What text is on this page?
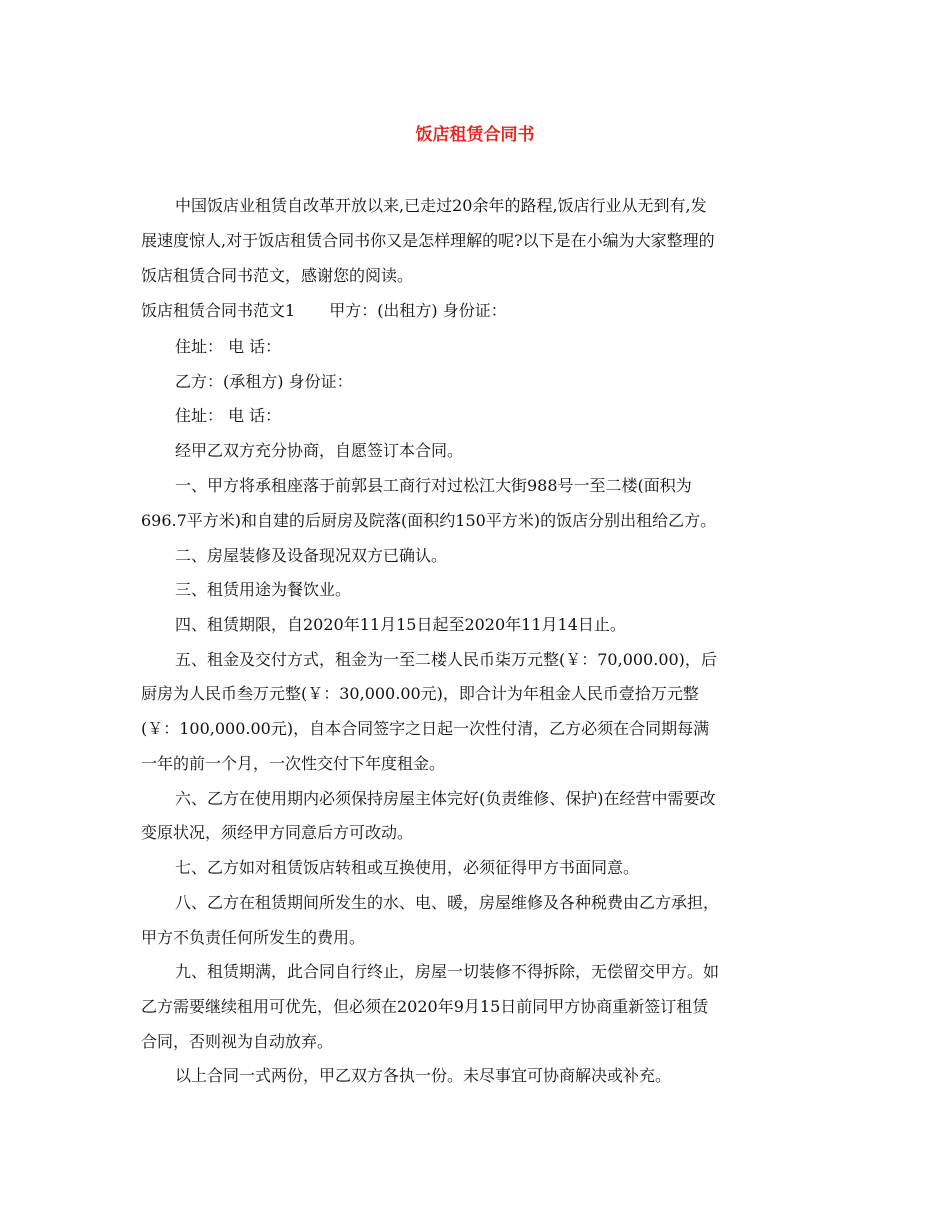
饭店租赁合同书
中国饭店业租赁自改革开放以来,已走过20余年的路程,饭店行业从无到有,发
展速度惊人,对于饭店租赁合同书你又是怎样理解的呢?以下是在小编为大家整理的
饭店租赁合同书范文，感谢您的阅读。
饭店租赁合同书范文1 甲方：(出租方) 身份证：
住址： 电 话：
乙方：(承租方) 身份证：
住址： 电 话：
经甲乙双方充分协商，自愿签订本合同。
一、甲方将承租座落于前郭县工商行对过松江大街988号一至二楼(面积为
696.7平方米)和自建的后厨房及院落(面积约150平方米)的饭店分别出租给乙方。
二、房屋装修及设备现况双方已确认。
三、租赁用途为餐饮业。
四、租赁期限，自2020年11月15日起至2020年11月14日止。
五、租金及交付方式，租金为一至二楼人民币柒万元整(￥：70,000.00)，后
厨房为人民币叁万元整(￥：30,000.00元)，即合计为年租金人民币壹拾万元整
(￥：100,000.00元)，自本合同签字之日起一次性付清，乙方必须在合同期每满
一年的前一个月，一次性交付下年度租金。
六、乙方在使用期内必须保持房屋主体完好(负责维修、保护)在经营中需要改
变原状况，须经甲方同意后方可改动。
七、乙方如对租赁饭店转租或互换使用，必须征得甲方书面同意。
八、乙方在租赁期间所发生的水、电、暖，房屋维修及各种税费由乙方承担，
甲方不负责任何所发生的费用。
九、租赁期满，此合同自行终止，房屋一切装修不得拆除，无偿留交甲方。如
乙方需要继续租用可优先，但必须在2020年9月15日前同甲方协商重新签订租赁
合同，否则视为自动放弃。
以上合同一式两份，甲乙双方各执一份。未尽事宜可协商解决或补充。
